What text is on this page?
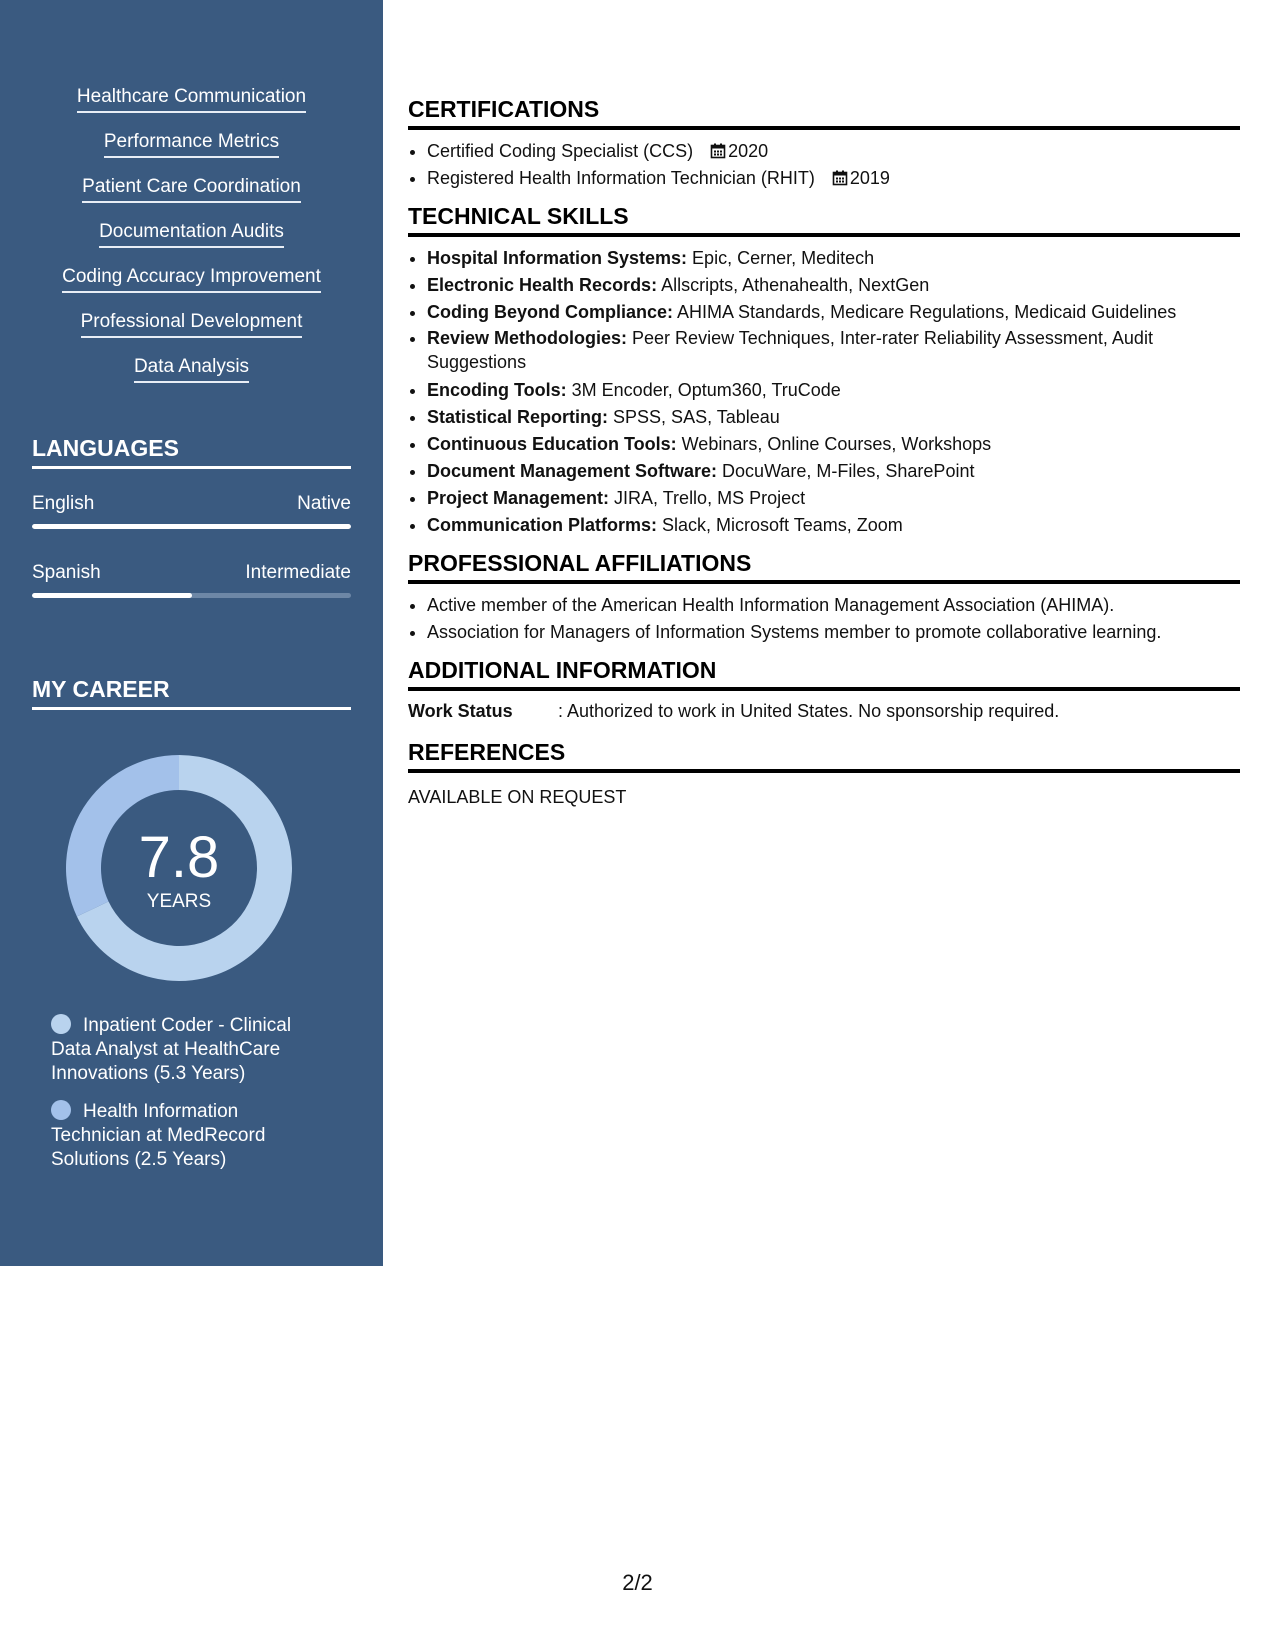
Healthcare Communication
Performance Metrics
Patient Care Coordination
Documentation Audits
Coding Accuracy Improvement
Professional Development
Data Analysis
LANGUAGES
English	Native
Spanish	Intermediate
MY CAREER
7.8
YEARS
Inpatient Coder - Clinical Data Analyst at HealthCare Innovations (5.3 Years)
Health Information Technician at MedRecord Solutions (2.5 Years)
CERTIFICATIONS
• Certified Coding Specialist (CCS) 2020
• Registered Health Information Technician (RHIT) 2019
TECHNICAL SKILLS
• Hospital Information Systems: Epic, Cerner, Meditech
• Electronic Health Records: Allscripts, Athenahealth, NextGen
• Coding Beyond Compliance: AHIMA Standards, Medicare Regulations, Medicaid Guidelines
• Review Methodologies: Peer Review Techniques, Inter-rater Reliability Assessment, Audit Suggestions
• Encoding Tools: 3M Encoder, Optum360, TruCode
• Statistical Reporting: SPSS, SAS, Tableau
• Continuous Education Tools: Webinars, Online Courses, Workshops
• Document Management Software: DocuWare, M-Files, SharePoint
• Project Management: JIRA, Trello, MS Project
• Communication Platforms: Slack, Microsoft Teams, Zoom
PROFESSIONAL AFFILIATIONS
• Active member of the American Health Information Management Association (AHIMA).
• Association for Managers of Information Systems member to promote collaborative learning.
ADDITIONAL INFORMATION
Work Status	: Authorized to work in United States. No sponsorship required.
REFERENCES
AVAILABLE ON REQUEST
2/2
